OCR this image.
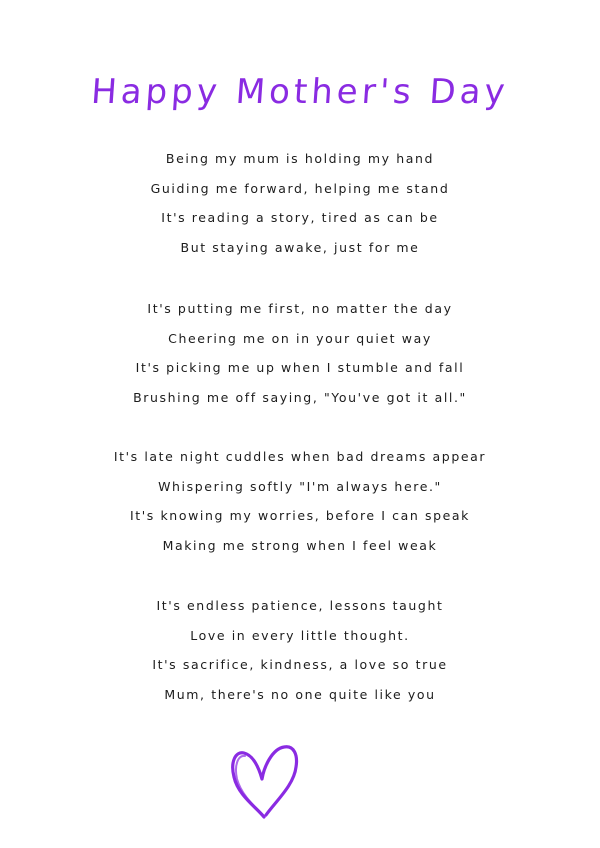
Happy Mother's Day
Being my mum is holding my hand
Guiding me forward, helping me stand
It's reading a story, tired as can be
But staying awake, just for me
It's putting me first, no matter the day
Cheering me on in your quiet way
It's picking me up when I stumble and fall
Brushing me off saying, "You've got it all."
It's late night cuddles when bad dreams appear
Whispering softly "I'm always here."
It's knowing my worries, before I can speak
Making me strong when I feel weak
It's endless patience, lessons taught
Love in every little thought.
It's sacrifice, kindness, a love so true
Mum, there's no one quite like you
